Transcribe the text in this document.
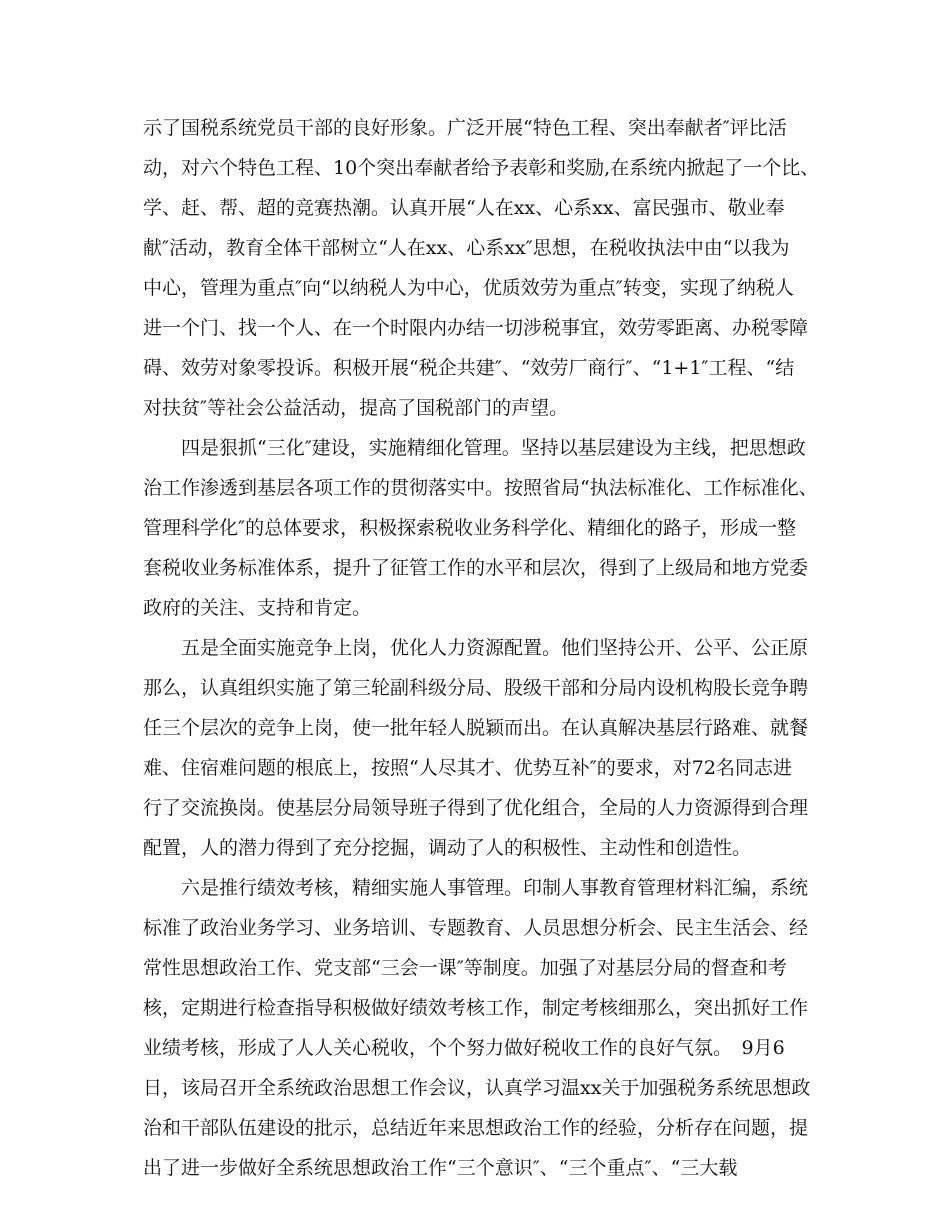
示了国税系统党员干部的良好形象。广泛开展“特色工程、突出奉献者″评比活
动，对六个特色工程、10个突出奉献者给予表彰和奖励,在系统内掀起了一个比、
学、赶、帮、超的竞赛热潮。认真开展“人在xx、心系xx、富民强市、敬业奉
献″活动，教育全体干部树立“人在xx、心系xx″思想，在税收执法中由“以我为
中心，管理为重点″向“以纳税人为中心，优质效劳为重点″转变，实现了纳税人
进一个门、找一个人、在一个时限内办结一切涉税事宜，效劳零距离、办税零障
碍、效劳对象零投诉。积极开展“税企共建″、“效劳厂商行″、“1+1″工程、“结
对扶贫″等社会公益活动，提高了国税部门的声望。
四是狠抓“三化″建设，实施精细化管理。坚持以基层建设为主线，把思想政
治工作渗透到基层各项工作的贯彻落实中。按照省局“执法标准化、工作标准化、
管理科学化″的总体要求，积极探索税收业务科学化、精细化的路子，形成一整
套税收业务标准体系，提升了征管工作的水平和层次，得到了上级局和地方党委
政府的关注、支持和肯定。
五是全面实施竞争上岗，优化人力资源配置。他们坚持公开、公平、公正原
那么，认真组织实施了第三轮副科级分局、股级干部和分局内设机构股长竞争聘
任三个层次的竞争上岗，使一批年轻人脱颖而出。在认真解决基层行路难、就餐
难、住宿难问题的根底上，按照“人尽其才、优势互补″的要求，对72名同志进
行了交流换岗。使基层分局领导班子得到了优化组合，全局的人力资源得到合理
配置，人的潜力得到了充分挖掘，调动了人的积极性、主动性和创造性。
六是推行绩效考核，精细实施人事管理。印制人事教育管理材料汇编，系统
标准了政治业务学习、业务培训、专题教育、人员思想分析会、民主生活会、经
常性思想政治工作、党支部“三会一课″等制度。加强了对基层分局的督查和考
核，定期进行检查指导积极做好绩效考核工作，制定考核细那么，突出抓好工作
业绩考核，形成了人人关心税收，个个努力做好税收工作的良好气氛。　9月6
日，该局召开全系统政治思想工作会议，认真学习温xx关于加强税务系统思想政
治和干部队伍建设的批示，总结近年来思想政治工作的经验，分析存在问题，提
出了进一步做好全系统思想政治工作“三个意识″、“三个重点″、“三大载
